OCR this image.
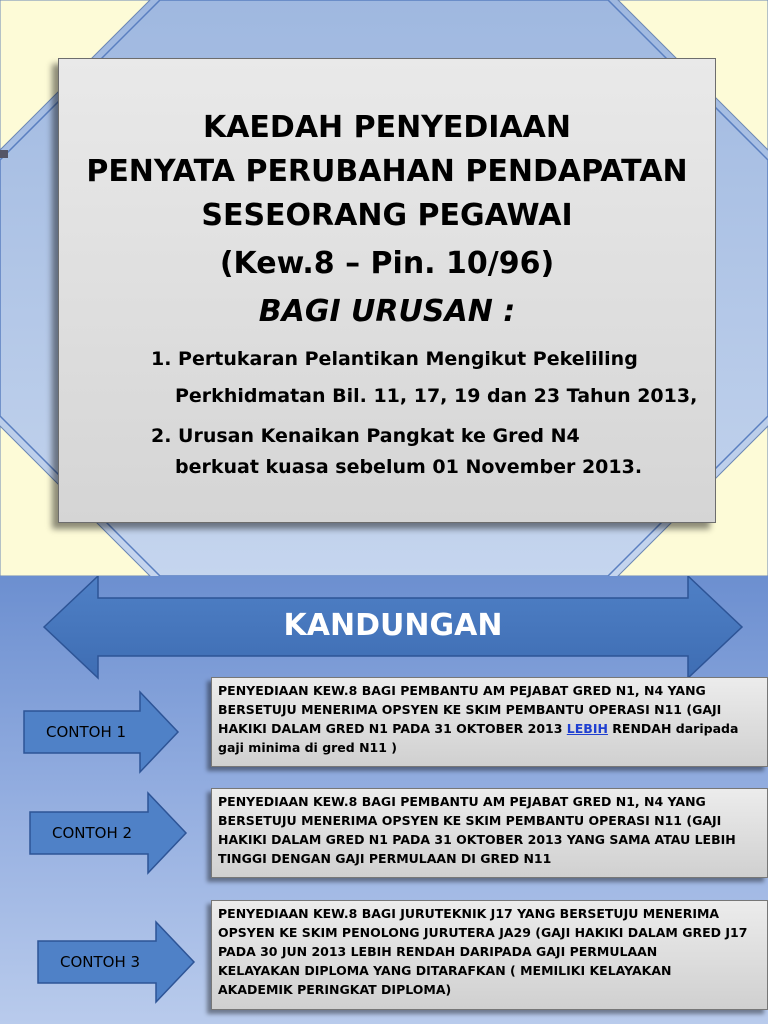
KAEDAH PENYEDIAAN
PENYATA PERUBAHAN PENDAPATAN
SESEORANG PEGAWAI
(Kew.8 – Pin. 10/96)
BAGI URUSAN :
1. Pertukaran Pelantikan Mengikut Pekeliling
Perkhidmatan Bil. 11, 17, 19 dan 23 Tahun 2013,
2. Urusan Kenaikan Pangkat ke Gred N4
berkuat kuasa sebelum 01 November 2013.
KANDUNGAN
CONTOH 1
CONTOH 2
CONTOH 3
PENYEDIAAN KEW.8 BAGI PEMBANTU AM PEJABAT GRED N1, N4 YANG
BERSETUJU MENERIMA OPSYEN KE SKIM PEMBANTU OPERASI N11 (GAJI
HAKIKI DALAM GRED N1 PADA 31 OKTOBER 2013 LEBIH RENDAH daripada
gaji minima di gred N11 )
PENYEDIAAN KEW.8 BAGI PEMBANTU AM PEJABAT GRED N1, N4 YANG
BERSETUJU MENERIMA OPSYEN KE SKIM PEMBANTU OPERASI N11 (GAJI
HAKIKI DALAM GRED N1 PADA 31 OKTOBER 2013 YANG SAMA ATAU LEBIH
TINGGI DENGAN GAJI PERMULAAN DI GRED N11
PENYEDIAAN KEW.8 BAGI JURUTEKNIK J17 YANG BERSETUJU MENERIMA
OPSYEN KE SKIM PENOLONG JURUTERA JA29 (GAJI HAKIKI DALAM GRED J17
PADA 30 JUN 2013 LEBIH RENDAH DARIPADA GAJI PERMULAAN
KELAYAKAN DIPLOMA YANG DITARAFKAN ( MEMILIKI KELAYAKAN
AKADEMIK PERINGKAT DIPLOMA)
